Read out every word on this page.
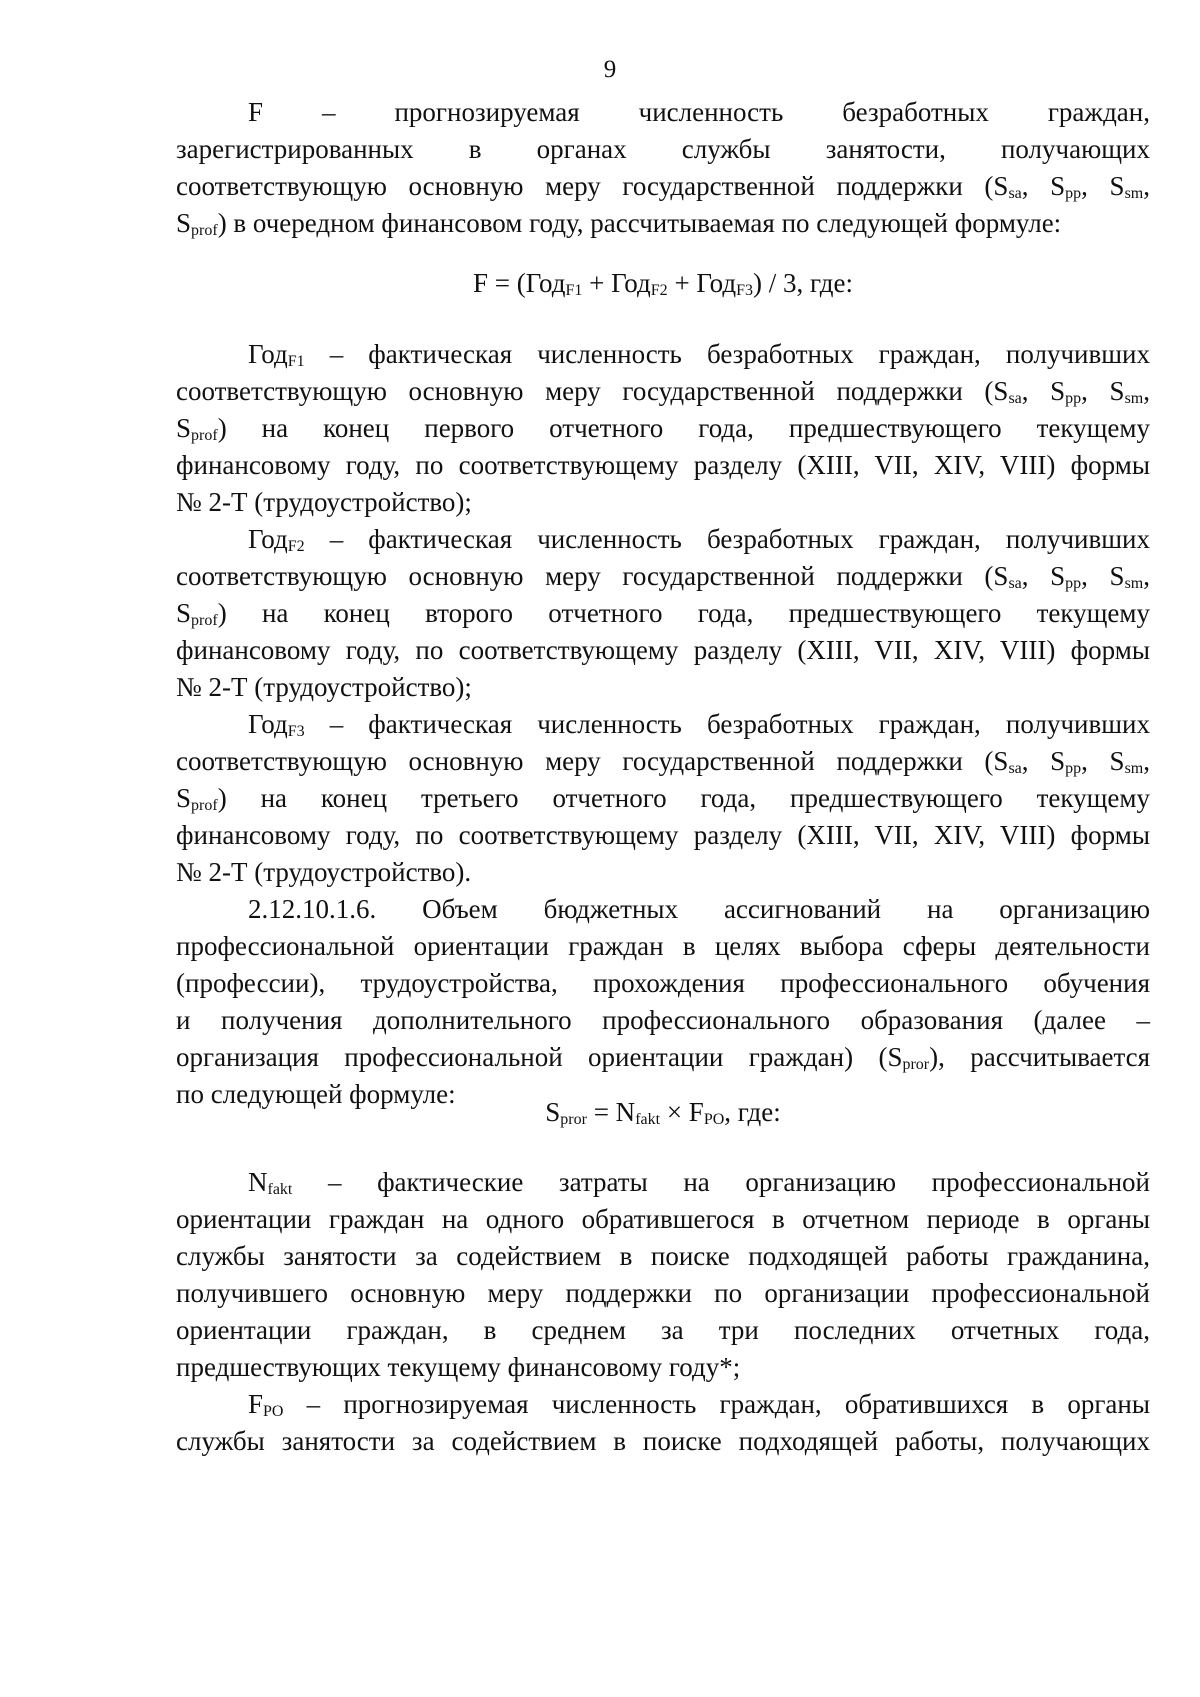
9
F – прогнозируемая численность безработных граждан,
зарегистрированных в органах службы занятости, получающих
соответствующую основную меру государственной поддержки ($S_{sa}$, $S_{pp}$, $S_{sm}$,
$S_{prof}$) в очередном финансовом году, рассчитываемая по следующей формуле:
F = (Год$_{F1}$ + Год$_{F2}$ + Год$_{F3}$) / 3, где:
Год$_{F1}$ – фактическая численность безработных граждан, получивших
соответствующую основную меру государственной поддержки ($S_{sa}$, $S_{pp}$, $S_{sm}$,
$S_{prof}$) на конец первого отчетного года, предшествующего текущему
финансовому году, по соответствующему разделу (XIII, VII, XIV, VIII) формы
№ 2-Т (трудоустройство);
Год$_{F2}$ – фактическая численность безработных граждан, получивших
соответствующую основную меру государственной поддержки ($S_{sa}$, $S_{pp}$, $S_{sm}$,
$S_{prof}$) на конец второго отчетного года, предшествующего текущему
финансовому году, по соответствующему разделу (XIII, VII, XIV, VIII) формы
№ 2-Т (трудоустройство);
Год$_{F3}$ – фактическая численность безработных граждан, получивших
соответствующую основную меру государственной поддержки ($S_{sa}$, $S_{pp}$, $S_{sm}$,
$S_{prof}$) на конец третьего отчетного года, предшествующего текущему
финансовому году, по соответствующему разделу (XIII, VII, XIV, VIII) формы
№ 2-Т (трудоустройство).
2.12.10.1.6. Объем бюджетных ассигнований на организацию
профессиональной ориентации граждан в целях выбора сферы деятельности
(профессии), трудоустройства, прохождения профессионального обучения
и получения дополнительного профессионального образования (далее –
организация профессиональной ориентации граждан) $(S_{pror})$, рассчитывается
по следующей формуле:
$S_{pror} = N_{fakt} \times F_{PO}$, где:
$N_{fakt}$ – фактические затраты на организацию профессиональной
ориентации граждан на одного обратившегося в отчетном периоде в органы
службы занятости за содействием в поиске подходящей работы гражданина,
получившего основную меру поддержки по организации профессиональной
ориентации граждан, в среднем за три последних отчетных года,
предшествующих текущему финансовому году*;
$F_{PO}$ – прогнозируемая численность граждан, обратившихся в органы
службы занятости за содействием в поиске подходящей работы, получающих
